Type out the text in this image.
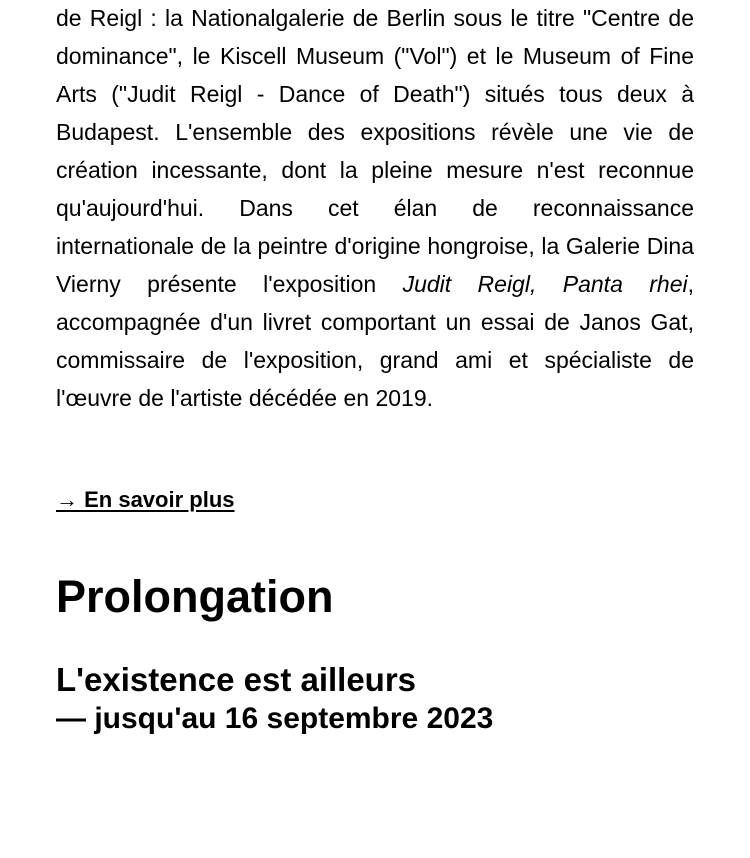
de Reigl : la Nationalgalerie de Berlin sous le titre "Centre de dominance", le Kiscell Museum ("Vol") et le Museum of Fine Arts ("Judit Reigl - Dance of Death") situés tous deux à Budapest. L'ensemble des expositions révèle une vie de création incessante, dont la pleine mesure n'est reconnue qu'aujourd'hui. Dans cet élan de reconnaissance internationale de la peintre d'origine hongroise, la Galerie Dina Vierny présente l'exposition Judit Reigl, Panta rhei, accompagnée d'un livret comportant un essai de Janos Gat, commissaire de l'exposition, grand ami et spécialiste de l'œuvre de l'artiste décédée en 2019.

→ En savoir plus
Prolongation
L'existence est ailleurs

— jusqu'au 16 septembre 2023
